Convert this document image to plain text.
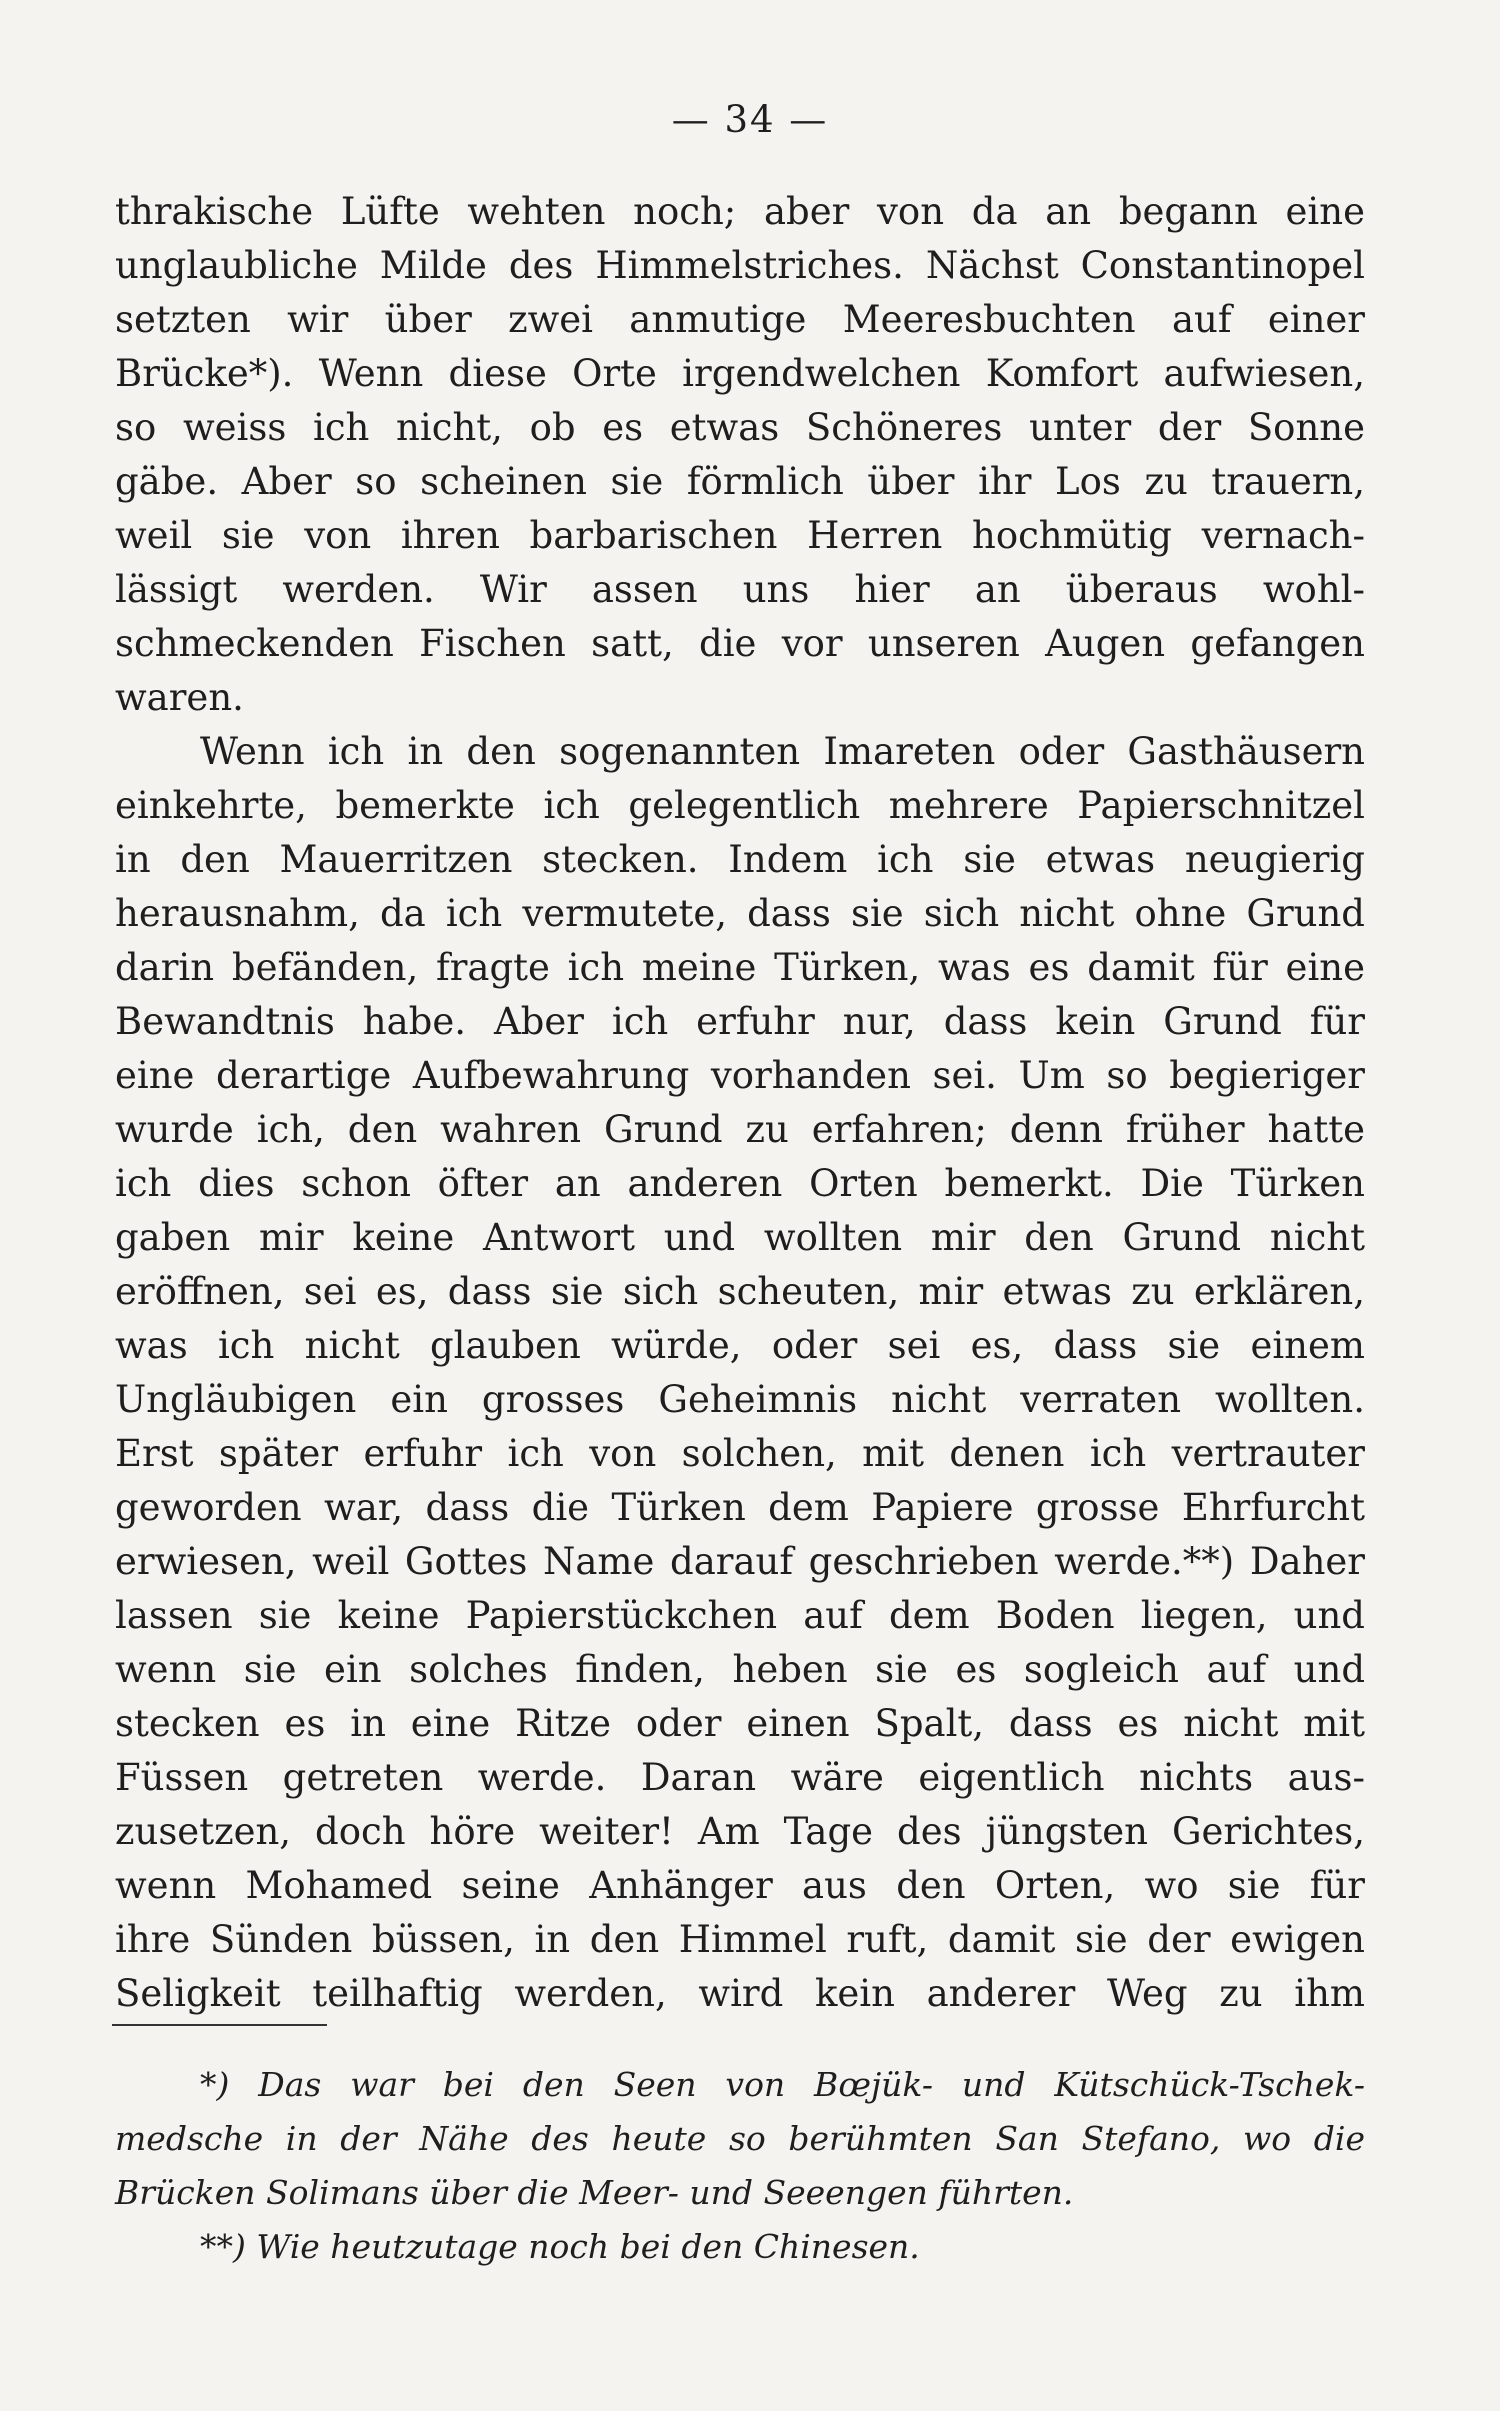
— 34 —
thrakische Lüfte wehten noch; aber von da an begann eine
unglaubliche Milde des Himmelstriches. Nächst Constantinopel
setzten wir über zwei anmutige Meeresbuchten auf einer
Brücke*). Wenn diese Orte irgendwelchen Komfort aufwiesen,
so weiss ich nicht, ob es etwas Schöneres unter der Sonne
gäbe. Aber so scheinen sie förmlich über ihr Los zu trauern,
weil sie von ihren barbarischen Herren hochmütig vernach-
lässigt werden. Wir assen uns hier an überaus wohl-
schmeckenden Fischen satt, die vor unseren Augen gefangen
waren.
Wenn ich in den sogenannten Imareten oder Gasthäusern
einkehrte, bemerkte ich gelegentlich mehrere Papierschnitzel
in den Mauerritzen stecken. Indem ich sie etwas neugierig
herausnahm, da ich vermutete, dass sie sich nicht ohne Grund
darin befänden, fragte ich meine Türken, was es damit für eine
Bewandtnis habe. Aber ich erfuhr nur, dass kein Grund für
eine derartige Aufbewahrung vorhanden sei. Um so begieriger
wurde ich, den wahren Grund zu erfahren; denn früher hatte
ich dies schon öfter an anderen Orten bemerkt. Die Türken
gaben mir keine Antwort und wollten mir den Grund nicht
eröffnen, sei es, dass sie sich scheuten, mir etwas zu erklären,
was ich nicht glauben würde, oder sei es, dass sie einem
Ungläubigen ein grosses Geheimnis nicht verraten wollten.
Erst später erfuhr ich von solchen, mit denen ich vertrauter
geworden war, dass die Türken dem Papiere grosse Ehrfurcht
erwiesen, weil Gottes Name darauf geschrieben werde.**) Daher
lassen sie keine Papierstückchen auf dem Boden liegen, und
wenn sie ein solches finden, heben sie es sogleich auf und
stecken es in eine Ritze oder einen Spalt, dass es nicht mit
Füssen getreten werde. Daran wäre eigentlich nichts aus-
zusetzen, doch höre weiter! Am Tage des jüngsten Gerichtes,
wenn Mohamed seine Anhänger aus den Orten, wo sie für
ihre Sünden büssen, in den Himmel ruft, damit sie der ewigen
Seligkeit teilhaftig werden, wird kein anderer Weg zu ihm
*) Das war bei den Seen von Bœjük- und Kütschück-Tschek-
medsche in der Nähe des heute so berühmten San Stefano, wo die
Brücken Solimans über die Meer- und Seeengen führten.
**) Wie heutzutage noch bei den Chinesen.
